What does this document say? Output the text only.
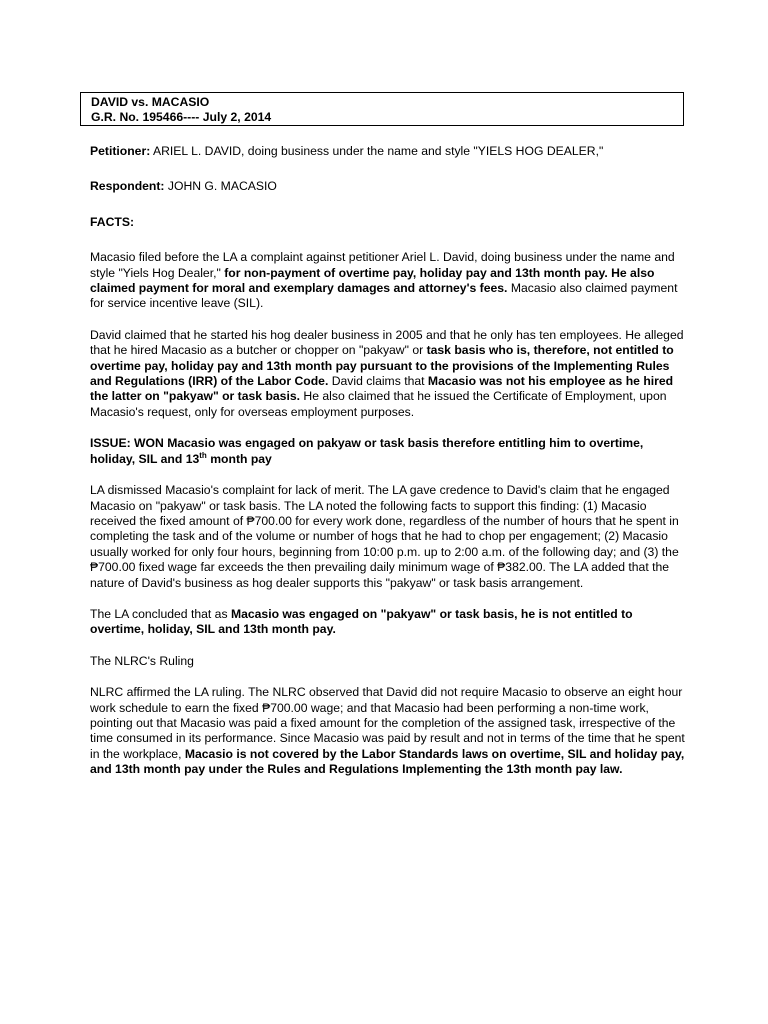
DAVID vs. MACASIO
G.R. No. 195466---- July 2, 2014

Petitioner: ARIEL L. DAVID, doing business under the name and style "YIELS HOG DEALER,"

Respondent: JOHN G. MACASIO

FACTS:

Macasio filed before the LA a complaint against petitioner Ariel L. David, doing business under the name and style "Yiels Hog Dealer," for non-payment of overtime pay, holiday pay and 13th month pay. He also claimed payment for moral and exemplary damages and attorney's fees. Macasio also claimed payment for service incentive leave (SIL).

David claimed that he started his hog dealer business in 2005 and that he only has ten employees. He alleged that he hired Macasio as a butcher or chopper on "pakyaw" or task basis who is, therefore, not entitled to overtime pay, holiday pay and 13th month pay pursuant to the provisions of the Implementing Rules and Regulations (IRR) of the Labor Code. David claims that Macasio was not his employee as he hired the latter on "pakyaw" or task basis. He also claimed that he issued the Certificate of Employment, upon Macasio's request, only for overseas employment purposes.

ISSUE: WON Macasio was engaged on pakyaw or task basis therefore entitling him to overtime, holiday, SIL and 13th month pay

LA dismissed Macasio's complaint for lack of merit. The LA gave credence to David's claim that he engaged Macasio on "pakyaw" or task basis. The LA noted the following facts to support this finding: (1) Macasio received the fixed amount of ₱700.00 for every work done, regardless of the number of hours that he spent in completing the task and of the volume or number of hogs that he had to chop per engagement; (2) Macasio usually worked for only four hours, beginning from 10:00 p.m. up to 2:00 a.m. of the following day; and (3) the ₱700.00 fixed wage far exceeds the then prevailing daily minimum wage of ₱382.00. The LA added that the nature of David's business as hog dealer supports this "pakyaw" or task basis arrangement.

The LA concluded that as Macasio was engaged on "pakyaw" or task basis, he is not entitled to overtime, holiday, SIL and 13th month pay.

The NLRC's Ruling

NLRC affirmed the LA ruling. The NLRC observed that David did not require Macasio to observe an eight hour work schedule to earn the fixed ₱700.00 wage; and that Macasio had been performing a non-time work, pointing out that Macasio was paid a fixed amount for the completion of the assigned task, irrespective of the time consumed in its performance. Since Macasio was paid by result and not in terms of the time that he spent in the workplace, Macasio is not covered by the Labor Standards laws on overtime, SIL and holiday pay, and 13th month pay under the Rules and Regulations Implementing the 13th month pay law.
